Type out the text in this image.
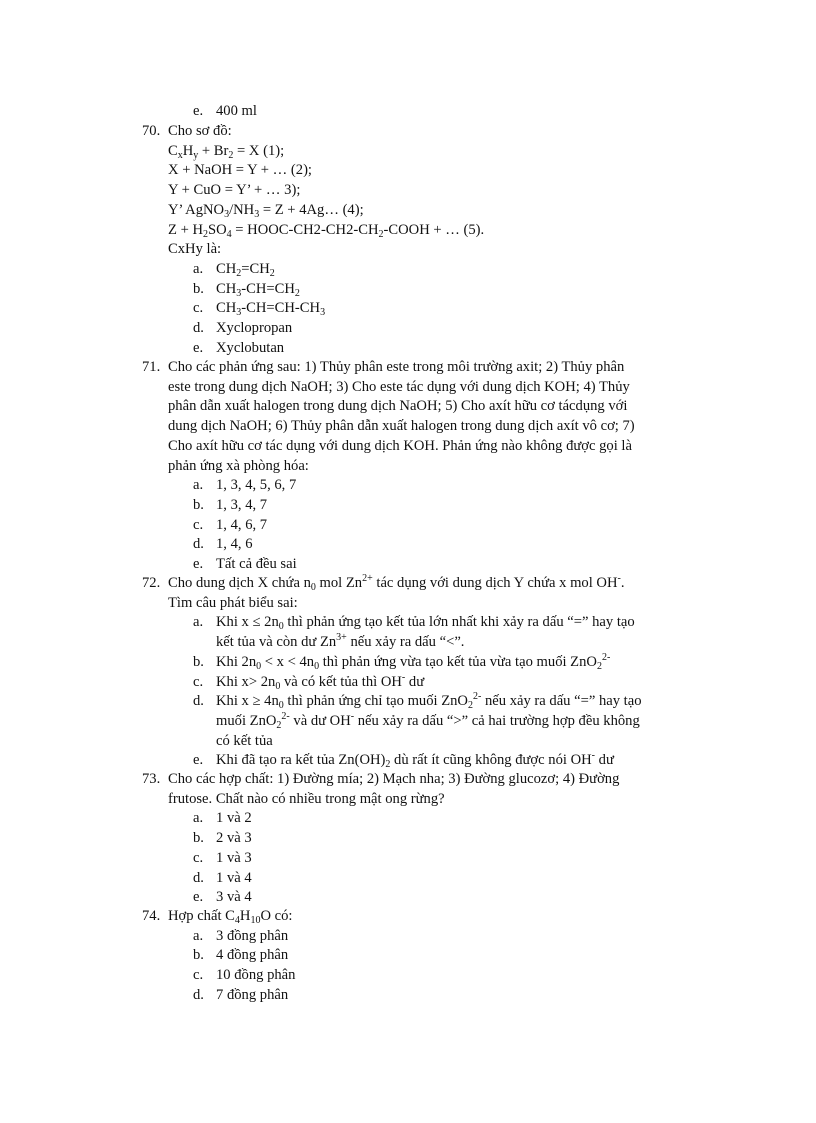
e. 400 ml
70. Cho sơ đồ:
$C_xH_y + Br_2 = X$ (1);
X + NaOH = Y + … (2);
Y + CuO = Y’ + … 3);
Y’ $AgNO_3/NH_3 = Z$ + 4Ag… (4);
$Z + H_2SO_4$ = HOOC-$CH2-CH2-CH_2$-COOH + … (5).
CxHy là:
a. $CH_2=CH_2$
b. $CH_3-CH=CH_2$
c. $CH_3-CH=CH-CH_3$
d. Xyclopropan
e. Xyclobutan
71. Cho các phản ứng sau: 1) Thủy phân este trong môi trường axit; 2) Thủy phân
este trong dung dịch NaOH; 3) Cho este tác dụng với dung dịch KOH; 4) Thủy
phân dẫn xuất halogen trong dung dịch NaOH; 5) Cho axít hữu cơ tácdụng với
dung dịch NaOH; 6) Thủy phân dẫn xuất halogen trong dung dịch axít vô cơ; 7)
Cho axít hữu cơ tác dụng với dung dịch KOH. Phản ứng nào không được gọi là
phản ứng xà phòng hóa:
a. 1, 3, 4, 5, 6, 7
b. 1, 3, 4, 7
c. 1, 4, 6, 7
d. 1, 4, 6
e. Tất cả đều sai
72. Cho dung dịch X chứa $n_0$ mol $Zn^{2+}$ tác dụng với dung dịch Y chứa x mol OH-.
Tìm câu phát biểu sai:
a. Khi $x \le 2n_0$ thì phản ứng tạo kết tủa lớn nhất khi xảy ra dấu “=” hay tạo
kết tủa và còn dư $Zn^{3+}$ nếu xảy ra dấu “<”.
b. Khi $2n_0 < x < 4n_0$ thì phản ứng vừa tạo kết tủa vừa tạo muối ZnO$_2^{2-}$
c. Khi $x> 2n_0$ và có kết tủa thì OH- dư
d. Khi $x \ge 4n_0$ thì phản ứng chỉ tạo muối ZnO$_2^{2-}$ nếu xảy ra dấu “=” hay tạo
muối ZnO$_2^{2-}$ và dư OH- nếu xảy ra dấu “>” cả hai trường hợp đều không
có kết tủa
e. Khi đã tạo ra kết tủa $Zn(OH)_2$ dù rất ít cũng không được nói OH- dư
73. Cho các hợp chất: 1) Đường mía; 2) Mạch nha; 3) Đường glucozơ; 4) Đường
frutose. Chất nào có nhiều trong mật ong rừng?
a. 1 và 2
b. 2 và 3
c. 1 và 3
d. 1 và 4
e. 3 và 4
74. Hợp chất $C_4H_{10}O$ có:
a. 3 đồng phân
b. 4 đồng phân
c. 10 đồng phân
d. 7 đồng phân
